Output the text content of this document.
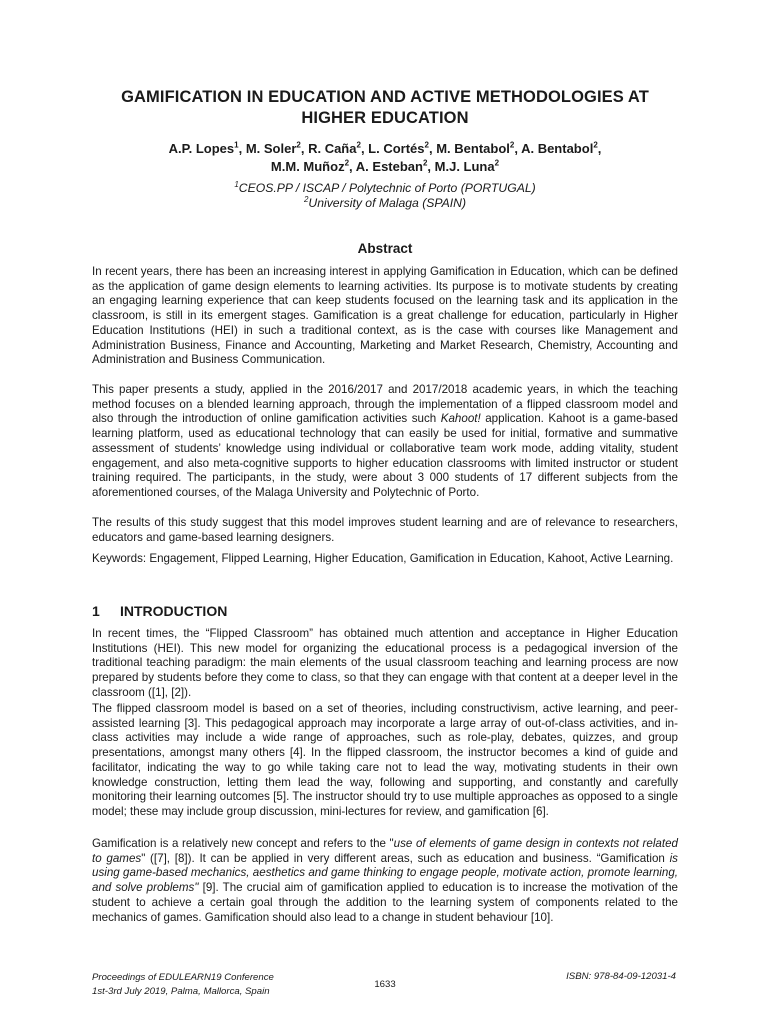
GAMIFICATION IN EDUCATION AND ACTIVE METHODOLOGIES AT
HIGHER EDUCATION
A.P. Lopes$^1$, M. Soler$^2$, R. Caña$^2$, L. Cortés$^2$, M. Bentabol$^2$, A. Bentabol$^2$,
M.M. Muñoz$^2$, A. Esteban$^2$, M.J. Luna$^2$
$^1$CEOS.PP / ISCAP / Polytechnic of Porto (PORTUGAL)
$^2$University of Malaga (SPAIN)
Abstract

In recent years, there has been an increasing interest in applying Gamification in Education, which can be defined as the application of game design elements to learning activities. Its purpose is to motivate students by creating an engaging learning experience that can keep students focused on the learning task and its application in the classroom, is still in its emergent stages. Gamification is a great challenge for education, particularly in Higher Education Institutions (HEI) in such a traditional context, as is the case with courses like Management and Administration Business, Finance and Accounting, Marketing and Market Research, Chemistry, Accounting and Administration and Business Communication.

This paper presents a study, applied in the 2016/2017 and 2017/2018 academic years, in which the teaching method focuses on a blended learning approach, through the implementation of a flipped classroom model and also through the introduction of online gamification activities such Kahoot! application. Kahoot is a game-based learning platform, used as educational technology that can easily be used for initial, formative and summative assessment of students’ knowledge using individual or collaborative team work mode, adding vitality, student engagement, and also meta-cognitive supports to higher education classrooms with limited instructor or student training required. The participants, in the study, were about 3 000 students of 17 different subjects from the aforementioned courses, of the Malaga University and Polytechnic of Porto.

The results of this study suggest that this model improves student learning and are of relevance to researchers, educators and game-based learning designers.

Keywords: Engagement, Flipped Learning, Higher Education, Gamification in Education, Kahoot, Active Learning.

1 INTRODUCTION

In recent times, the “Flipped Classroom” has obtained much attention and acceptance in Higher Education Institutions (HEI). This new model for organizing the educational process is a pedagogical inversion of the traditional teaching paradigm: the main elements of the usual classroom teaching and learning process are now prepared by students before they come to class, so that they can engage with that content at a deeper level in the classroom ([1], [2]).

The flipped classroom model is based on a set of theories, including constructivism, active learning, and peer-assisted learning [3]. This pedagogical approach may incorporate a large array of out-of-class activities, and in-class activities may include a wide range of approaches, such as role-play, debates, quizzes, and group presentations, amongst many others [4]. In the flipped classroom, the instructor becomes a kind of guide and facilitator, indicating the way to go while taking care not to lead the way, motivating students in their own knowledge construction, letting them lead the way, following and supporting, and constantly and carefully monitoring their learning outcomes [5]. The instructor should try to use multiple approaches as opposed to a single model; these may include group discussion, mini-lectures for review, and gamification [6].

Gamification is a relatively new concept and refers to the "use of elements of game design in contexts not related to games" ([7], [8]). It can be applied in very different areas, such as education and business. “Gamification is using game-based mechanics, aesthetics and game thinking to engage people, motivate action, promote learning, and solve problems" [9]. The crucial aim of gamification applied to education is to increase the motivation of the student to achieve a certain goal through the addition to the learning system of components related to the mechanics of games. Gamification should also lead to a change in student behaviour [10].

Proceedings of EDULEARN19 Conference
1st-3rd July 2019, Palma, Mallorca, Spain
1633
ISBN: 978-84-09-12031-4
